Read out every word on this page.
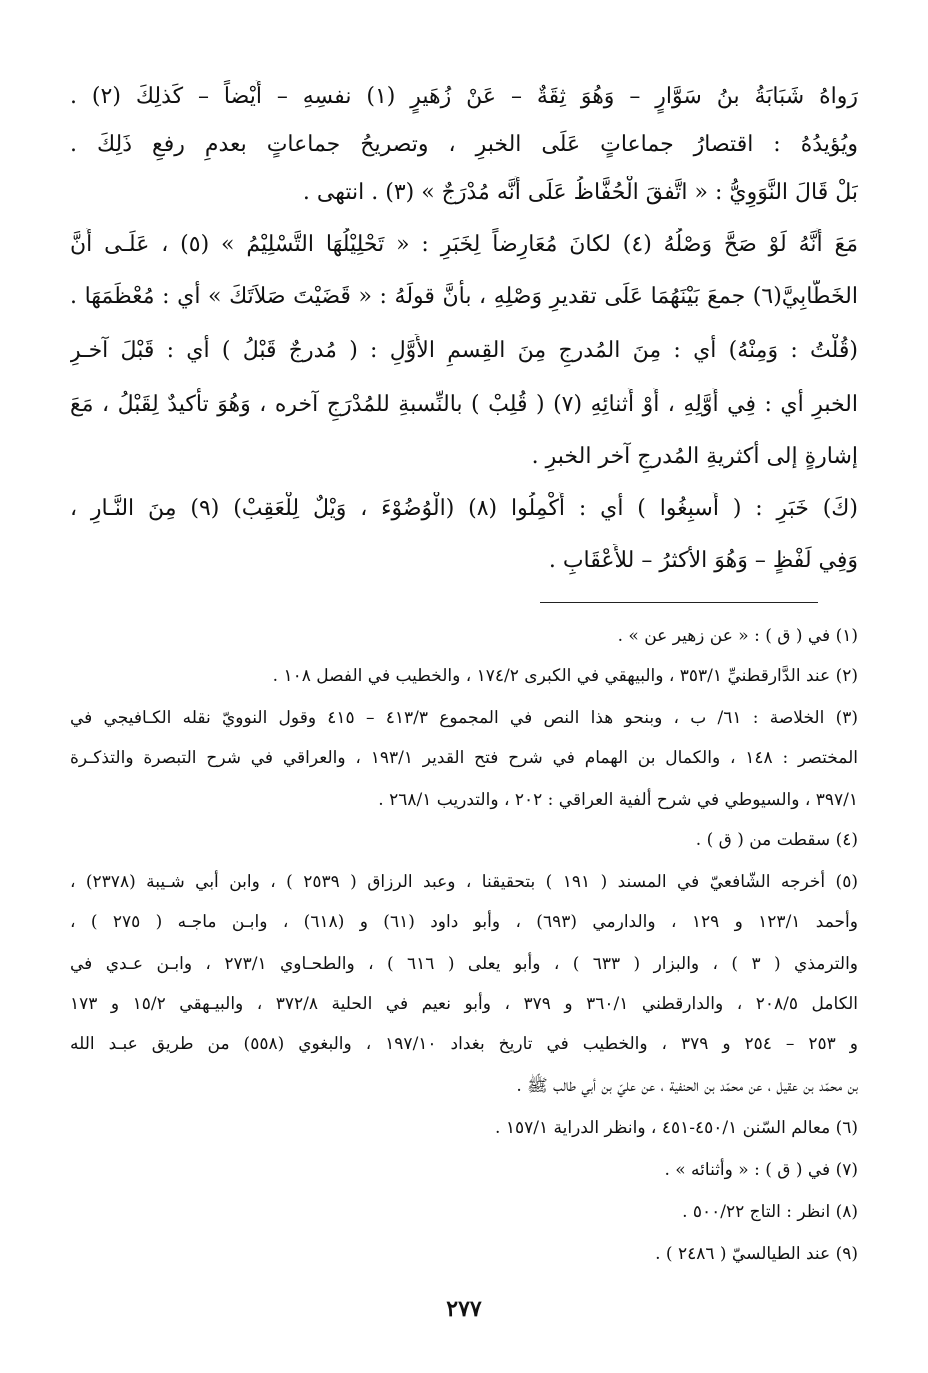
رَواهُ شَبَابَةُ بنُ سَوَّارٍ – وَهُوَ ثِقَةٌ – عَنْ زُهَيرٍ (١) نفسِهِ – أَيْضاً – كَذلِكَ (٢) .
ويُؤيدُهُ : اقتصارُ جماعاتٍ عَلَى الخبرِ ، وتصريحُ جماعاتٍ بعدمِ رفعِ ذَلِكَ .
بَلْ قَالَ النَّوَوِيُّ : « اتَّفقَ الْحُفَّاظُ عَلَى أَنَّه مُدْرَجٌ » (٣) . انتهى .
مَعَ أَنَّهُ لَوْ صَحَّ وَصْلُهُ (٤) لكانَ مُعَارِضاً لِخَبَرِ : « تَحْلِيْلُهَا التَّسْلِيْمُ » (٥) ، عَلَـى أَنَّ
الخَطَّابِيَّ(٦) جمعَ بَيْنَهُمَا عَلَى تقديرِ وَصْلِهِ ، بأَنَّ قولَهُ : « قَضَيْتَ صَلاَتَكَ » أي : مُعْظَمَهَا .
(قُلْتُ : وَمِنْهُ) أي : مِنَ المُدرجِ مِنَ القِسمِ الأَوَّلِ : ( مُدرجٌ قَبْلُ ) أي : قَبْلَ آخـرِ
الخبرِ أي : فِي أَوَّلِهِ ، أَوْ أَثنائِهِ (٧) ( قُلِبْ ) بالنِّسبةِ للمُدْرَجِ آخره ، وَهُوَ تأكيدٌ لِقَبْلُ ، مَعَ
إشارةٍ إلى أكثريةِ المُدرجِ آخر الخبرِ .
(كَ) خَبَرِ : ( أَسبِغُوا ) أي : أَكْمِلُوا (٨) (الْوُضُوْءَ ، وَيْلٌ لِلْعَقِبْ) (٩) مِنَ النَّـارِ ،
وَفِي لَفْظٍ – وَهُوَ الأكثرُ – للأَعْقَابِ .
(١) في ( ق ) : « عن زهير عن » .
(٢) عند الدَّارقطنيِّ ٣٥٣/١ ، والبيهقي في الكبرى ١٧٤/٢ ، والخطيب في الفصل ١٠٨ .
(٣) الخلاصة : ٦١/ ب ، وبنحو هذا النص في المجموع ٤١٣/٣ – ٤١٥ وقول النوويّ نقله الكـافيجي في
المختصر : ١٤٨ ، والكمال بن الهمام في شرح فتح القدير ١٩٣/١ ، والعراقي في شرح التبصرة والتذكـرة
٣٩٧/١ ، والسيوطي في شرح ألفية العراقي : ٢٠٢ ، والتدريب ٢٦٨/١ .
(٤) سقطت من ( ق ) .
(٥) أخرجه الشّافعيّ في المسند ( ١٩١ ) بتحقيقنا ، وعبد الرزاق ( ٢٥٣٩ ) ، وابن أبي شـيبة (٢٣٧٨) ،
وأحمد ١٢٣/١ و ١٢٩ ، والدارمي (٦٩٣) ، وأبو داود (٦١) و (٦١٨) ، وابـن ماجـه ( ٢٧٥ ) ،
والترمذي ( ٣ ) ، والبزار ( ٦٣٣ ) ، وأبو يعلى ( ٦١٦ ) ، والطحـاوي ٢٧٣/١ ، وابـن عـدي في
الكامل ٢٠٨/٥ ، والدارقطني ٣٦٠/١ و ٣٧٩ ، وأبو نعيم في الحلية ٣٧٢/٨ ، والبيـهقي ١٥/٢ و ١٧٣
و ٢٥٣ – ٢٥٤ و ٣٧٩ ، والخطيب في تاريخ بغداد ١٩٧/١٠ ، والبغوي (٥٥٨) من طريق عبـد الله
بن محمّد بن عقيل ، عن محمّد بن الحنفية ، عن عليّ بن أبي طالب ﷺ .
(٦) معالم السّنن ٤٥٠/١-٤٥١ ، وانظر الدراية ١٥٧/١ .
(٧) في ( ق ) : « وأثنائه » .
(٨) انظر : التاج ٥٠٠/٢٢ .
(٩) عند الطيالسيّ ( ٢٤٨٦ ) .
٢٧٧
